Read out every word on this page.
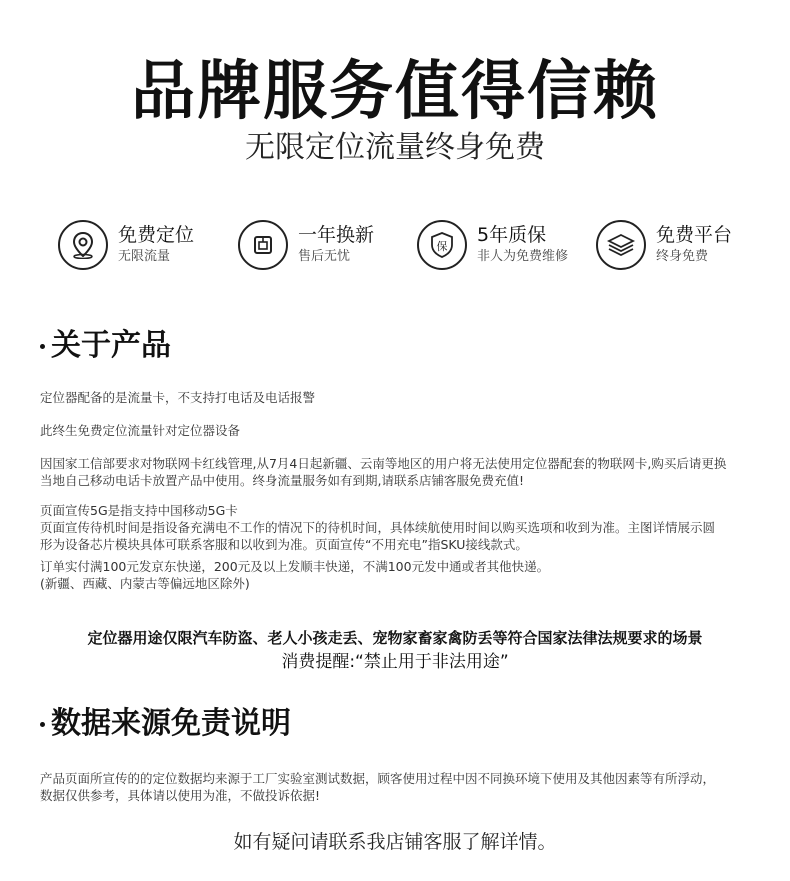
品牌服务值得信赖
无限定位流量终身免费
免费定位
无限流量
一年换新
售后无忧
保
5年质保
非人为免费维修
免费平台
终身免费
关于产品
定位器配备的是流量卡，不支持打电话及电话报警
此终生免费定位流量针对定位器设备
因国家工信部要求对物联网卡红线管理,从7月4日起新疆、云南等地区的用户将无法使用定位器配套的物联网卡,购买后请更换
当地自己移动电话卡放置产品中使用。终身流量服务如有到期,请联系店铺客服免费充值!
页面宣传5G是指支持中国移动5G卡
页面宣传待机时间是指设备充满电不工作的情况下的待机时间，具体续航使用时间以购买选项和收到为准。主图详情展示圆
形为设备芯片模块具体可联系客服和以收到为准。页面宣传“不用充电”指SKU接线款式。
订单实付满100元发京东快递，200元及以上发顺丰快递，不满100元发中通或者其他快递。
(新疆、西藏、内蒙古等偏远地区除外)
定位器用途仅限汽车防盗、老人小孩走丢、宠物家畜家禽防丢等符合国家法律法规要求的场景
消费提醒:“禁止用于非法用途”
数据来源免责说明
产品页面所宣传的的定位数据均来源于工厂实验室测试数据，顾客使用过程中因不同换环境下使用及其他因素等有所浮动，
数据仅供参考，具体请以使用为准，不做投诉依据!
如有疑问请联系我店铺客服了解详情。
